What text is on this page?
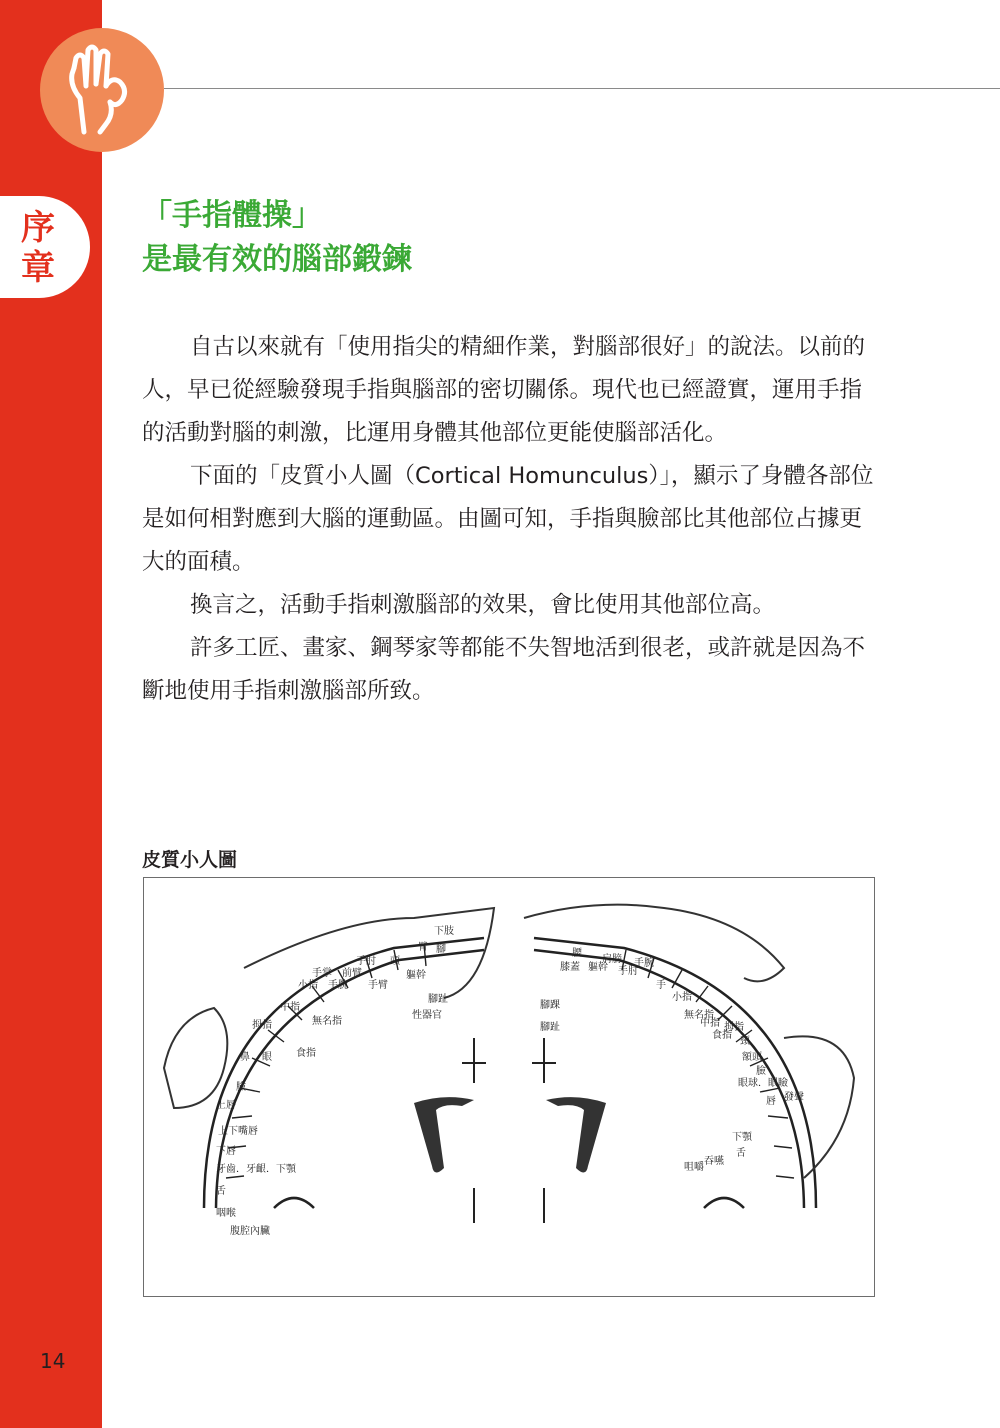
序
章
「手指體操」
是最有效的腦部鍛鍊

自古以來就有「使用指尖的精細作業，對腦部很好」的說法。以前的人，早已從經驗發現手指與腦部的密切關係。現代也已經證實，運用手指的活動對腦的刺激，比運用身體其他部位更能使腦部活化。

下面的「皮質小人圖（Cortical Homunculus）」，顯示了身體各部位是如何相對應到大腦的運動區。由圖可知，手指與臉部比其他部位占據更大的面積。

換言之，活動手指刺激腦部的效果，會比使用其他部位高。

許多工匠、畫家、鋼琴家等都能不失智地活到很老，或許就是因為不斷地使用手指刺激腦部所致。

皮質小人圖
拇指
鼻 眼
臉
上唇
上下嘴唇
下唇
牙齒．牙齦．下顎
舌
咽喉
腹腔內臟
食指
中指
無名指
小指
手掌
手腕
前臂
手肘
手臂
頭
軀幹
臂
下肢
腳
腳趾
性器官
膝蓋
腰
軀幹
肩膀
手肘
手腕
手
腳踝
腳趾
小指
無名指
中指
食指
拇指
頸
額頭
眼球．眼瞼
臉
唇
下顎
舌
吞嚥
咀嚼
發聲
14
